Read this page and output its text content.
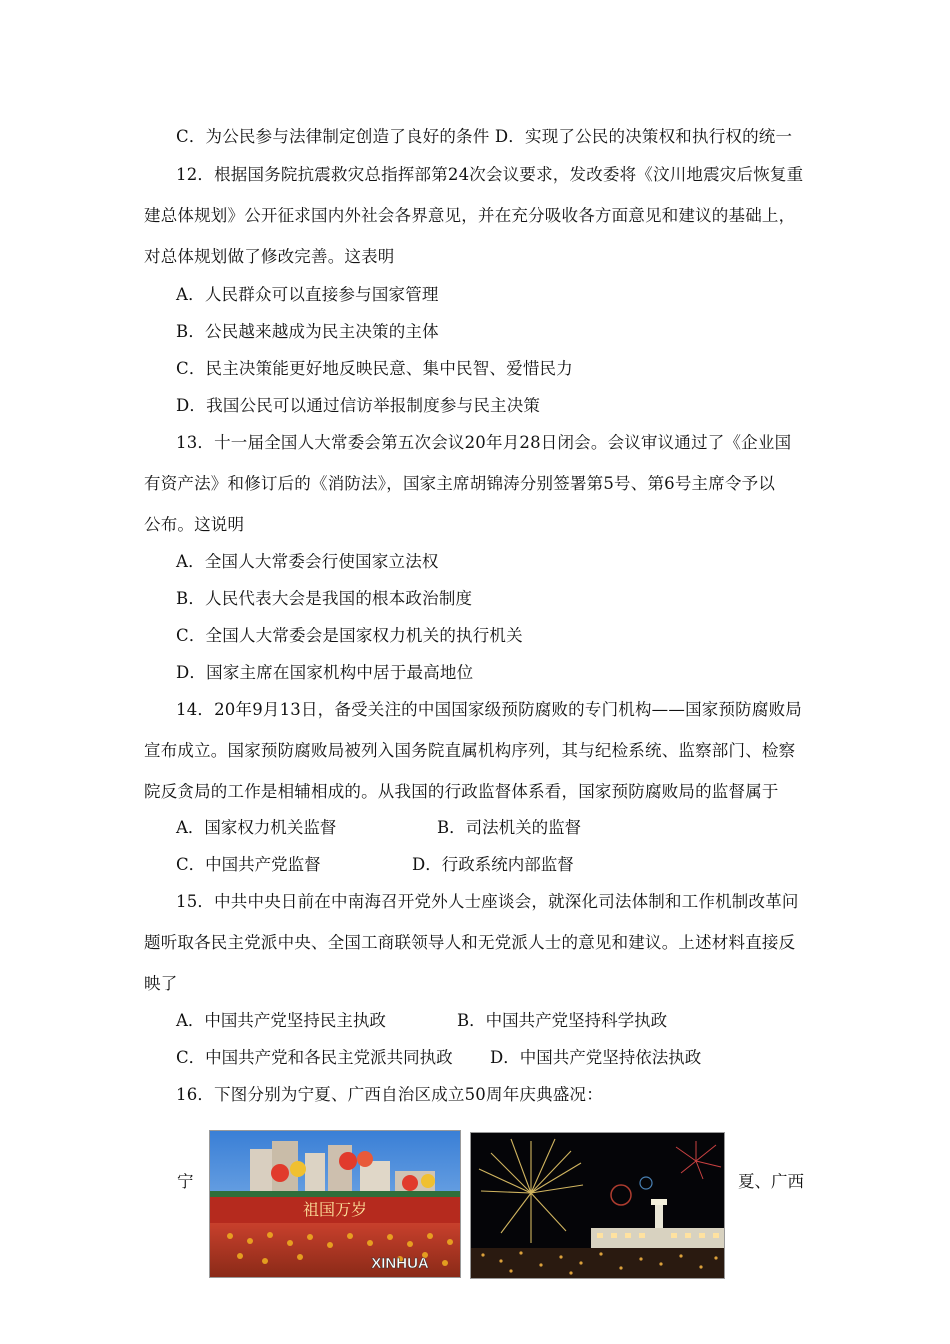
C．为公民参与法律制定创造了良好的条件 D．实现了公民的决策权和执行权的统一
12．根据国务院抗震救灾总指挥部第24次会议要求，发改委将《汶川地震灾后恢复重
建总体规划》公开征求国内外社会各界意见，并在充分吸收各方面意见和建议的基础上，
对总体规划做了修改完善。这表明
A．人民群众可以直接参与国家管理
B．公民越来越成为民主决策的主体
C．民主决策能更好地反映民意、集中民智、爱惜民力
D．我国公民可以通过信访举报制度参与民主决策
13．十一届全国人大常委会第五次会议20年月28日闭会。会议审议通过了《企业国
有资产法》和修订后的《消防法》，国家主席胡锦涛分别签署第5号、第6号主席令予以
公布。这说明
A．全国人大常委会行使国家立法权
B．人民代表大会是我国的根本政治制度
C．全国人大常委会是国家权力机关的执行机关
D．国家主席在国家机构中居于最高地位
14．20年9月13日，备受关注的中国国家级预防腐败的专门机构——国家预防腐败局
宣布成立。国家预防腐败局被列入国务院直属机构序列，其与纪检系统、监察部门、检察
院反贪局的工作是相辅相成的。从我国的行政监督体系看，国家预防腐败局的监督属于
A．国家权力机关监督	B．司法机关的监督
C．中国共产党监督	D．行政系统内部监督
15．中共中央日前在中南海召开党外人士座谈会，就深化司法体制和工作机制改革问
题听取各民主党派中央、全国工商联领导人和无党派人士的意见和建议。上述材料直接反
映了
A．中国共产党坚持民主执政	B．中国共产党坚持科学执政
C．中国共产党和各民主党派共同执政 D．中国共产党坚持依法执政
16．下图分别为宁夏、广西自治区成立50周年庆典盛况：
宁	夏、广西
祖国万岁
XINHUA
